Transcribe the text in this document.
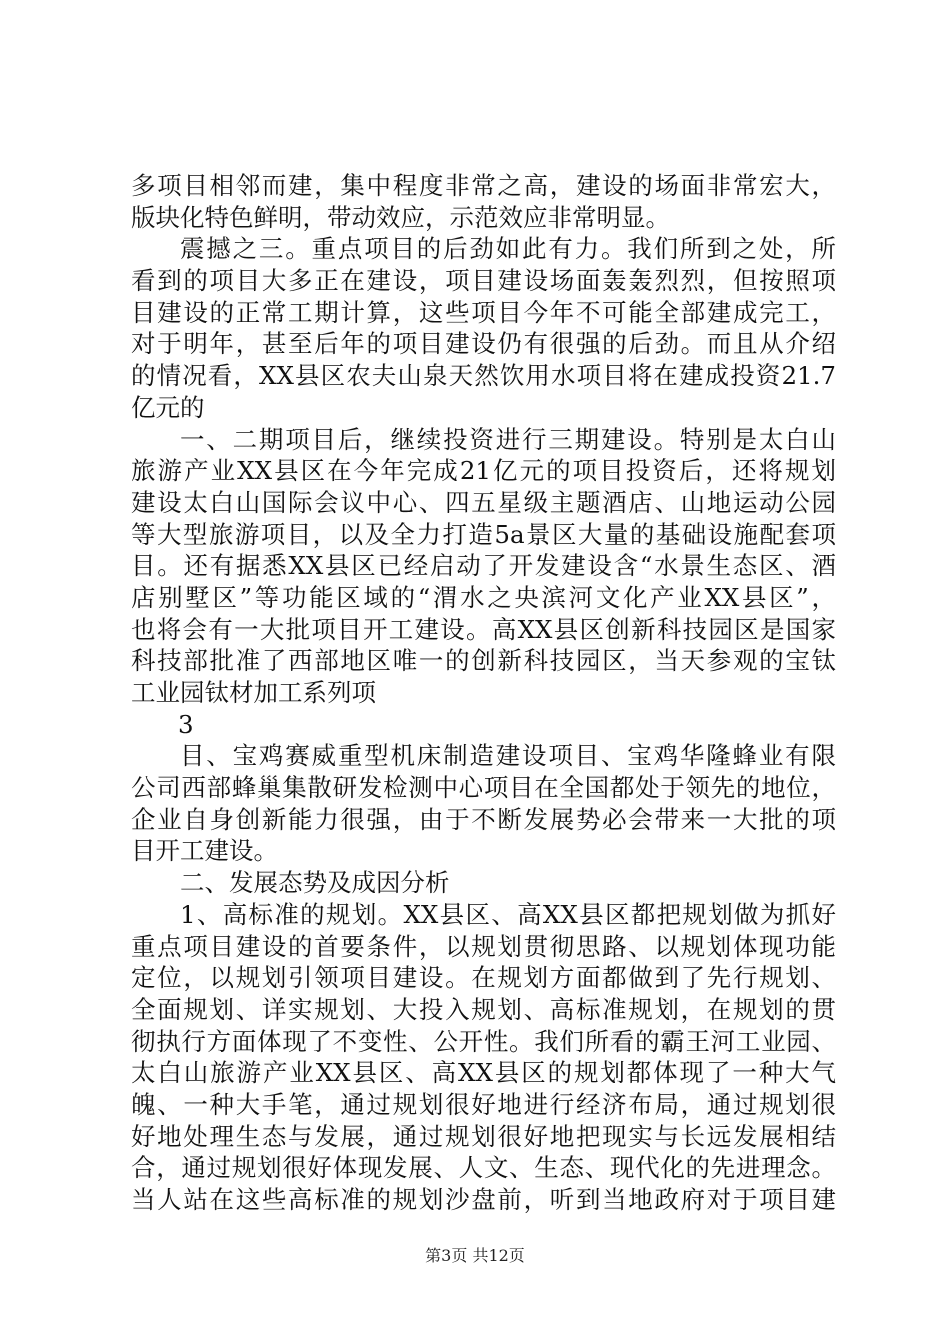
多项目相邻而建，集中程度非常之高，建设的场面非常宏大，
版块化特色鲜明，带动效应，示范效应非常明显。
震撼之三。重点项目的后劲如此有力。我们所到之处，所
看到的项目大多正在建设，项目建设场面轰轰烈烈，但按照项
目建设的正常工期计算，这些项目今年不可能全部建成完工，
对于明年，甚至后年的项目建设仍有很强的后劲。而且从介绍
的情况看，XX县区农夫山泉天然饮用水项目将在建成投资21.7
亿元的
一、二期项目后，继续投资进行三期建设。特别是太白山
旅游产业XX县区在今年完成21亿元的项目投资后，还将规划
建设太白山国际会议中心、四五星级主题酒店、山地运动公园
等大型旅游项目，以及全力打造5a景区大量的基础设施配套项
目。还有据悉XX县区已经启动了开发建设含“水景生态区、酒
店别墅区”等功能区域的“渭水之央滨河文化产业XX县区”，
也将会有一大批项目开工建设。高XX县区创新科技园区是国家
科技部批准了西部地区唯一的创新科技园区，当天参观的宝钛
工业园钛材加工系列项
3
目、宝鸡赛威重型机床制造建设项目、宝鸡华隆蜂业有限
公司西部蜂巢集散研发检测中心项目在全国都处于领先的地位，
企业自身创新能力很强，由于不断发展势必会带来一大批的项
目开工建设。
二、发展态势及成因分析
1、高标准的规划。XX县区、高XX县区都把规划做为抓好
重点项目建设的首要条件，以规划贯彻思路、以规划体现功能
定位，以规划引领项目建设。在规划方面都做到了先行规划、
全面规划、详实规划、大投入规划、高标准规划，在规划的贯
彻执行方面体现了不变性、公开性。我们所看的霸王河工业园、
太白山旅游产业XX县区、高XX县区的规划都体现了一种大气
魄、一种大手笔，通过规划很好地进行经济布局，通过规划很
好地处理生态与发展，通过规划很好地把现实与长远发展相结
合，通过规划很好体现发展、人文、生态、现代化的先进理念。
当人站在这些高标准的规划沙盘前，听到当地政府对于项目建
第3页 共12页
